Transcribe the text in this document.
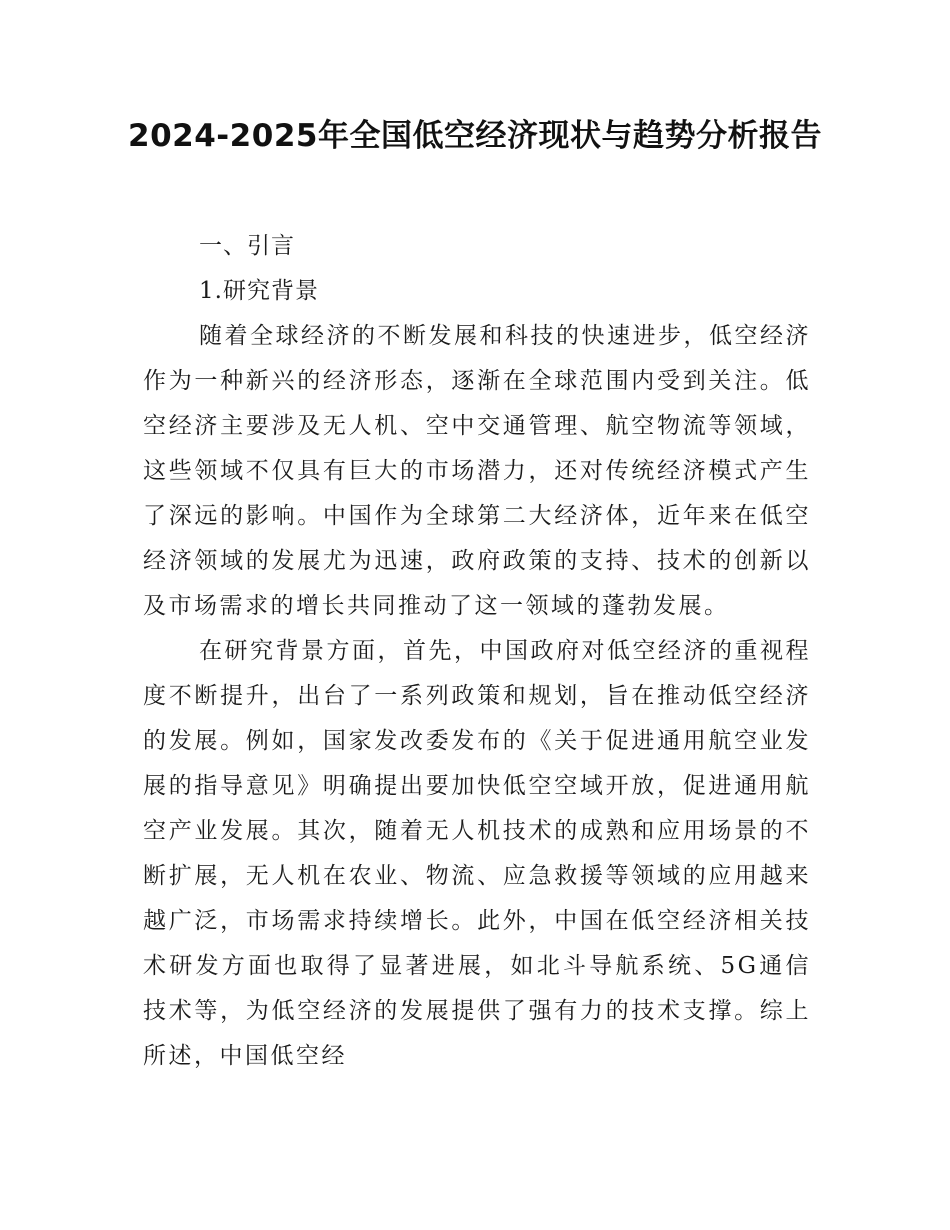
2024-2025年全国低空经济现状与趋势分析报告

一、引言

1.研究背景

随着全球经济的不断发展和科技的快速进步，低空经济作为一种新兴的经济形态，逐渐在全球范围内受到关注。低空经济主要涉及无人机、空中交通管理、航空物流等领域，这些领域不仅具有巨大的市场潜力，还对传统经济模式产生了深远的影响。中国作为全球第二大经济体，近年来在低空经济领域的发展尤为迅速，政府政策的支持、技术的创新以及市场需求的增长共同推动了这一领域的蓬勃发展。

在研究背景方面，首先，中国政府对低空经济的重视程度不断提升，出台了一系列政策和规划，旨在推动低空经济的发展。例如，国家发改委发布的《关于促进通用航空业发展的指导意见》明确提出要加快低空空域开放，促进通用航空产业发展。其次，随着无人机技术的成熟和应用场景的不断扩展，无人机在农业、物流、应急救援等领域的应用越来越广泛，市场需求持续增长。此外，中国在低空经济相关技术研发方面也取得了显著进展，如北斗导航系统、5G通信技术等，为低空经济的发展提供了强有力的技术支撑。综上所述，中国低空经
